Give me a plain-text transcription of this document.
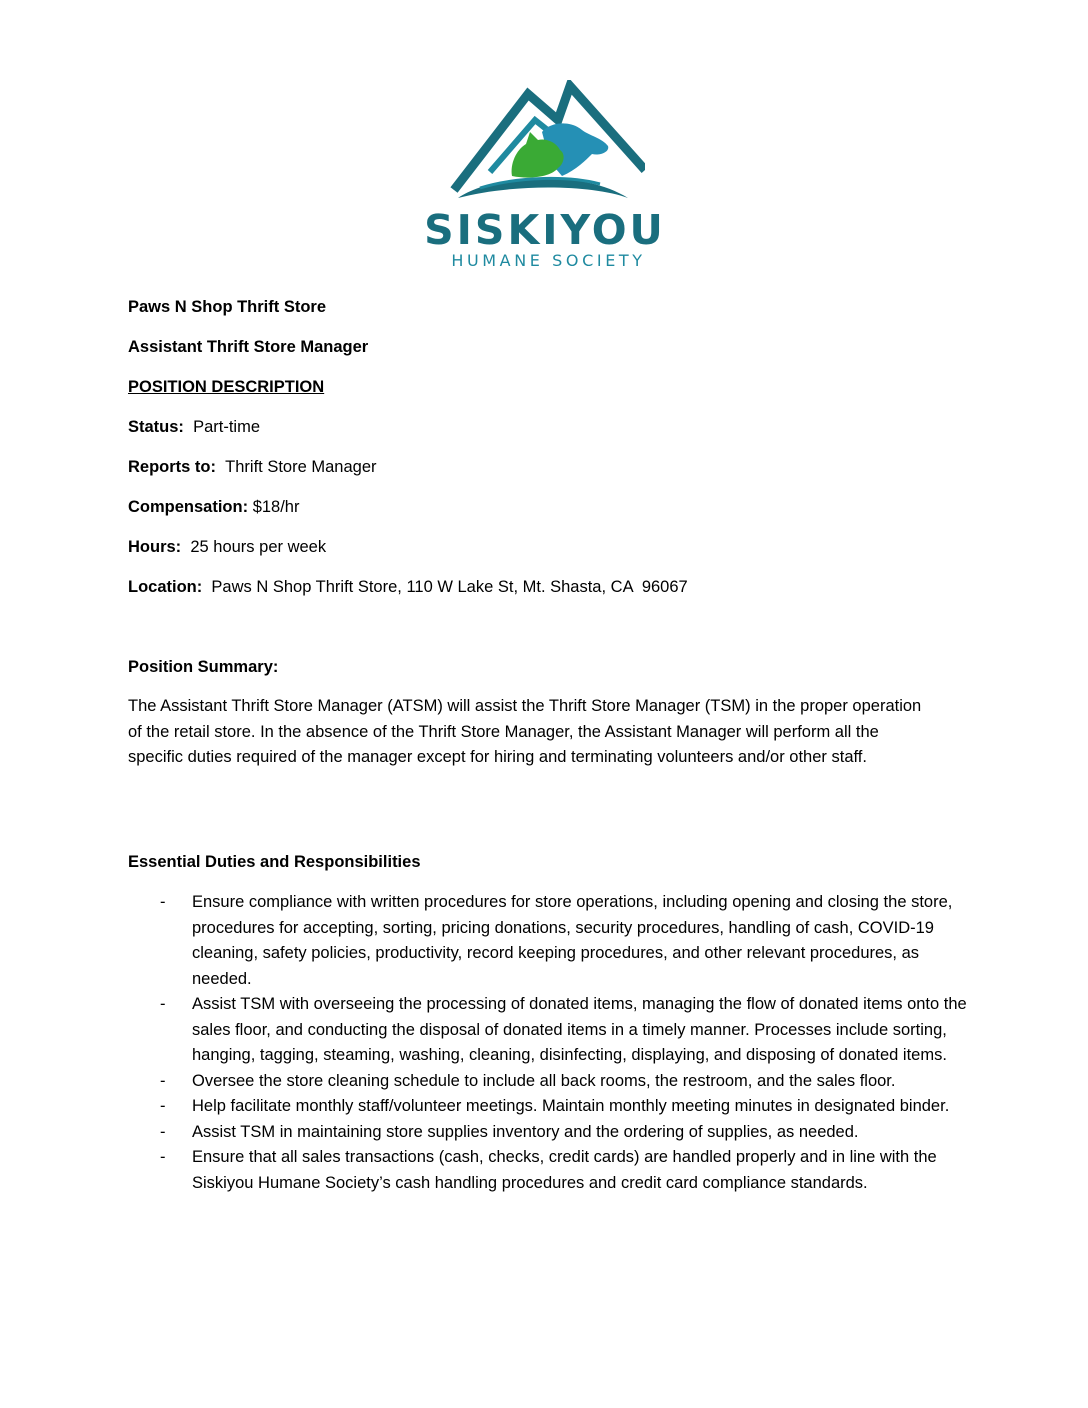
SISKIYOU
HUMANE SOCIETY
Paws N Shop Thrift Store
Assistant Thrift Store Manager
POSITION DESCRIPTION
Status: Part-time
Reports to: Thrift Store Manager
Compensation: $18/hr
Hours: 25 hours per week
Location: Paws N Shop Thrift Store, 110 W Lake St, Mt. Shasta, CA  96067
Position Summary:
The Assistant Thrift Store Manager (ATSM) will assist the Thrift Store Manager (TSM) in the proper operation of the retail store. In the absence of the Thrift Store Manager, the Assistant Manager will perform all the specific duties required of the manager except for hiring and terminating volunteers and/or other staff.
Essential Duties and Responsibilities
- Ensure compliance with written procedures for store operations, including opening and closing the store, procedures for accepting, sorting, pricing donations, security procedures, handling of cash, COVID-19 cleaning, safety policies, productivity, record keeping procedures, and other relevant procedures, as needed.
- Assist TSM with overseeing the processing of donated items, managing the flow of donated items onto the sales floor, and conducting the disposal of donated items in a timely manner. Processes include sorting, hanging, tagging, steaming, washing, cleaning, disinfecting, displaying, and disposing of donated items.
- Oversee the store cleaning schedule to include all back rooms, the restroom, and the sales floor.
- Help facilitate monthly staff/volunteer meetings. Maintain monthly meeting minutes in designated binder.
- Assist TSM in maintaining store supplies inventory and the ordering of supplies, as needed.
- Ensure that all sales transactions (cash, checks, credit cards) are handled properly and in line with the Siskiyou Humane Society’s cash handling procedures and credit card compliance standards.
